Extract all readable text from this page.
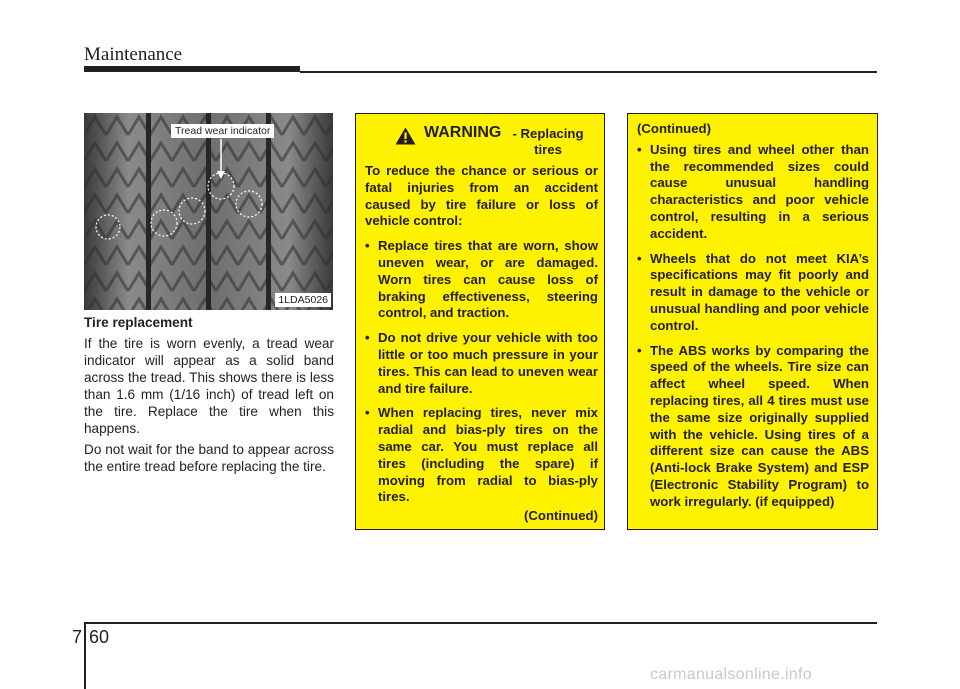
Maintenance
Tread wear indicator
1LDA5026
Tire replacement

If the tire is worn evenly, a tread wear indicator will appear as a solid band across the tread. This shows there is less than 1.6 mm (1/16 inch) of tread left on the tire. Replace the tire when this happens.

Do not wait for the band to appear across the entire tread before replacing the tire.

WARNING - Replacing tires

To reduce the chance or serious or fatal injuries from an accident caused by tire failure or loss of vehicle control:

• Replace tires that are worn, show uneven wear, or are damaged. Worn tires can cause loss of braking effectiveness, steering control, and traction.
• Do not drive your vehicle with too little or too much pressure in your tires. This can lead to uneven wear and tire failure.
• When replacing tires, never mix radial and bias-ply tires on the same car. You must replace all tires (including the spare) if moving from radial to bias-ply tires.
(Continued)

(Continued)

• Using tires and wheel other than the recommended sizes could cause unusual handling characteristics and poor vehicle control, resulting in a serious accident.
• Wheels that do not meet KIA’s specifications may fit poorly and result in damage to the vehicle or unusual handling and poor vehicle control.
• The ABS works by comparing the speed of the wheels. Tire size can affect wheel speed. When replacing tires, all 4 tires must use the same size originally supplied with the vehicle. Using tires of a different size can cause the ABS (Anti-lock Brake System) and ESP (Electronic Stability Program) to work irregularly. (if equipped)
7 60
carmanualsonline.info
